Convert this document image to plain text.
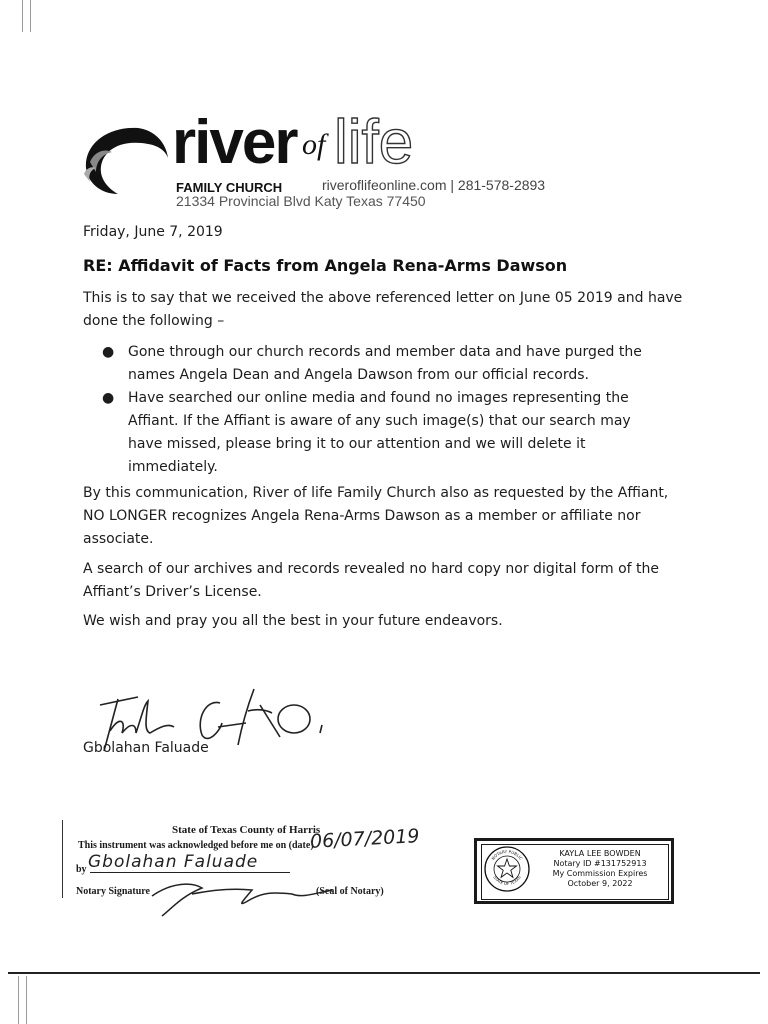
river of life
FAMILY CHURCH	riveroflifeonline.com | 281-578-2893
21334 Provincial Blvd Katy Texas 77450
Friday, June 7, 2019
RE: Affidavit of Facts from Angela Rena-Arms Dawson
This is to say that we received the above referenced letter on June 05 2019 and have done the following –
● Gone through our church records and member data and have purged the names Angela Dean and Angela Dawson from our official records.
● Have searched our online media and found no images representing the Affiant. If the Affiant is aware of any such image(s) that our search may have missed, please bring it to our attention and we will delete it immediately.
By this communication, River of life Family Church also as requested by the Affiant, NO LONGER recognizes Angela Rena-Arms Dawson as a member or affiliate nor associate.
A search of our archives and records revealed no hard copy nor digital form of the Affiant’s Driver’s License.
We wish and pray you all the best in your future endeavors.
Gbolahan Faluade
State of Texas County of Harris
This instrument was acknowledged before me on (date)
06/07/2019
by Gbolahan Faluade
Notary Signature	(Seal of Notary)
NOTARY PUBLIC
STATE OF TEXAS
KAYLA LEE BOWDEN
Notary ID #131752913
My Commission Expires
October 9, 2022
